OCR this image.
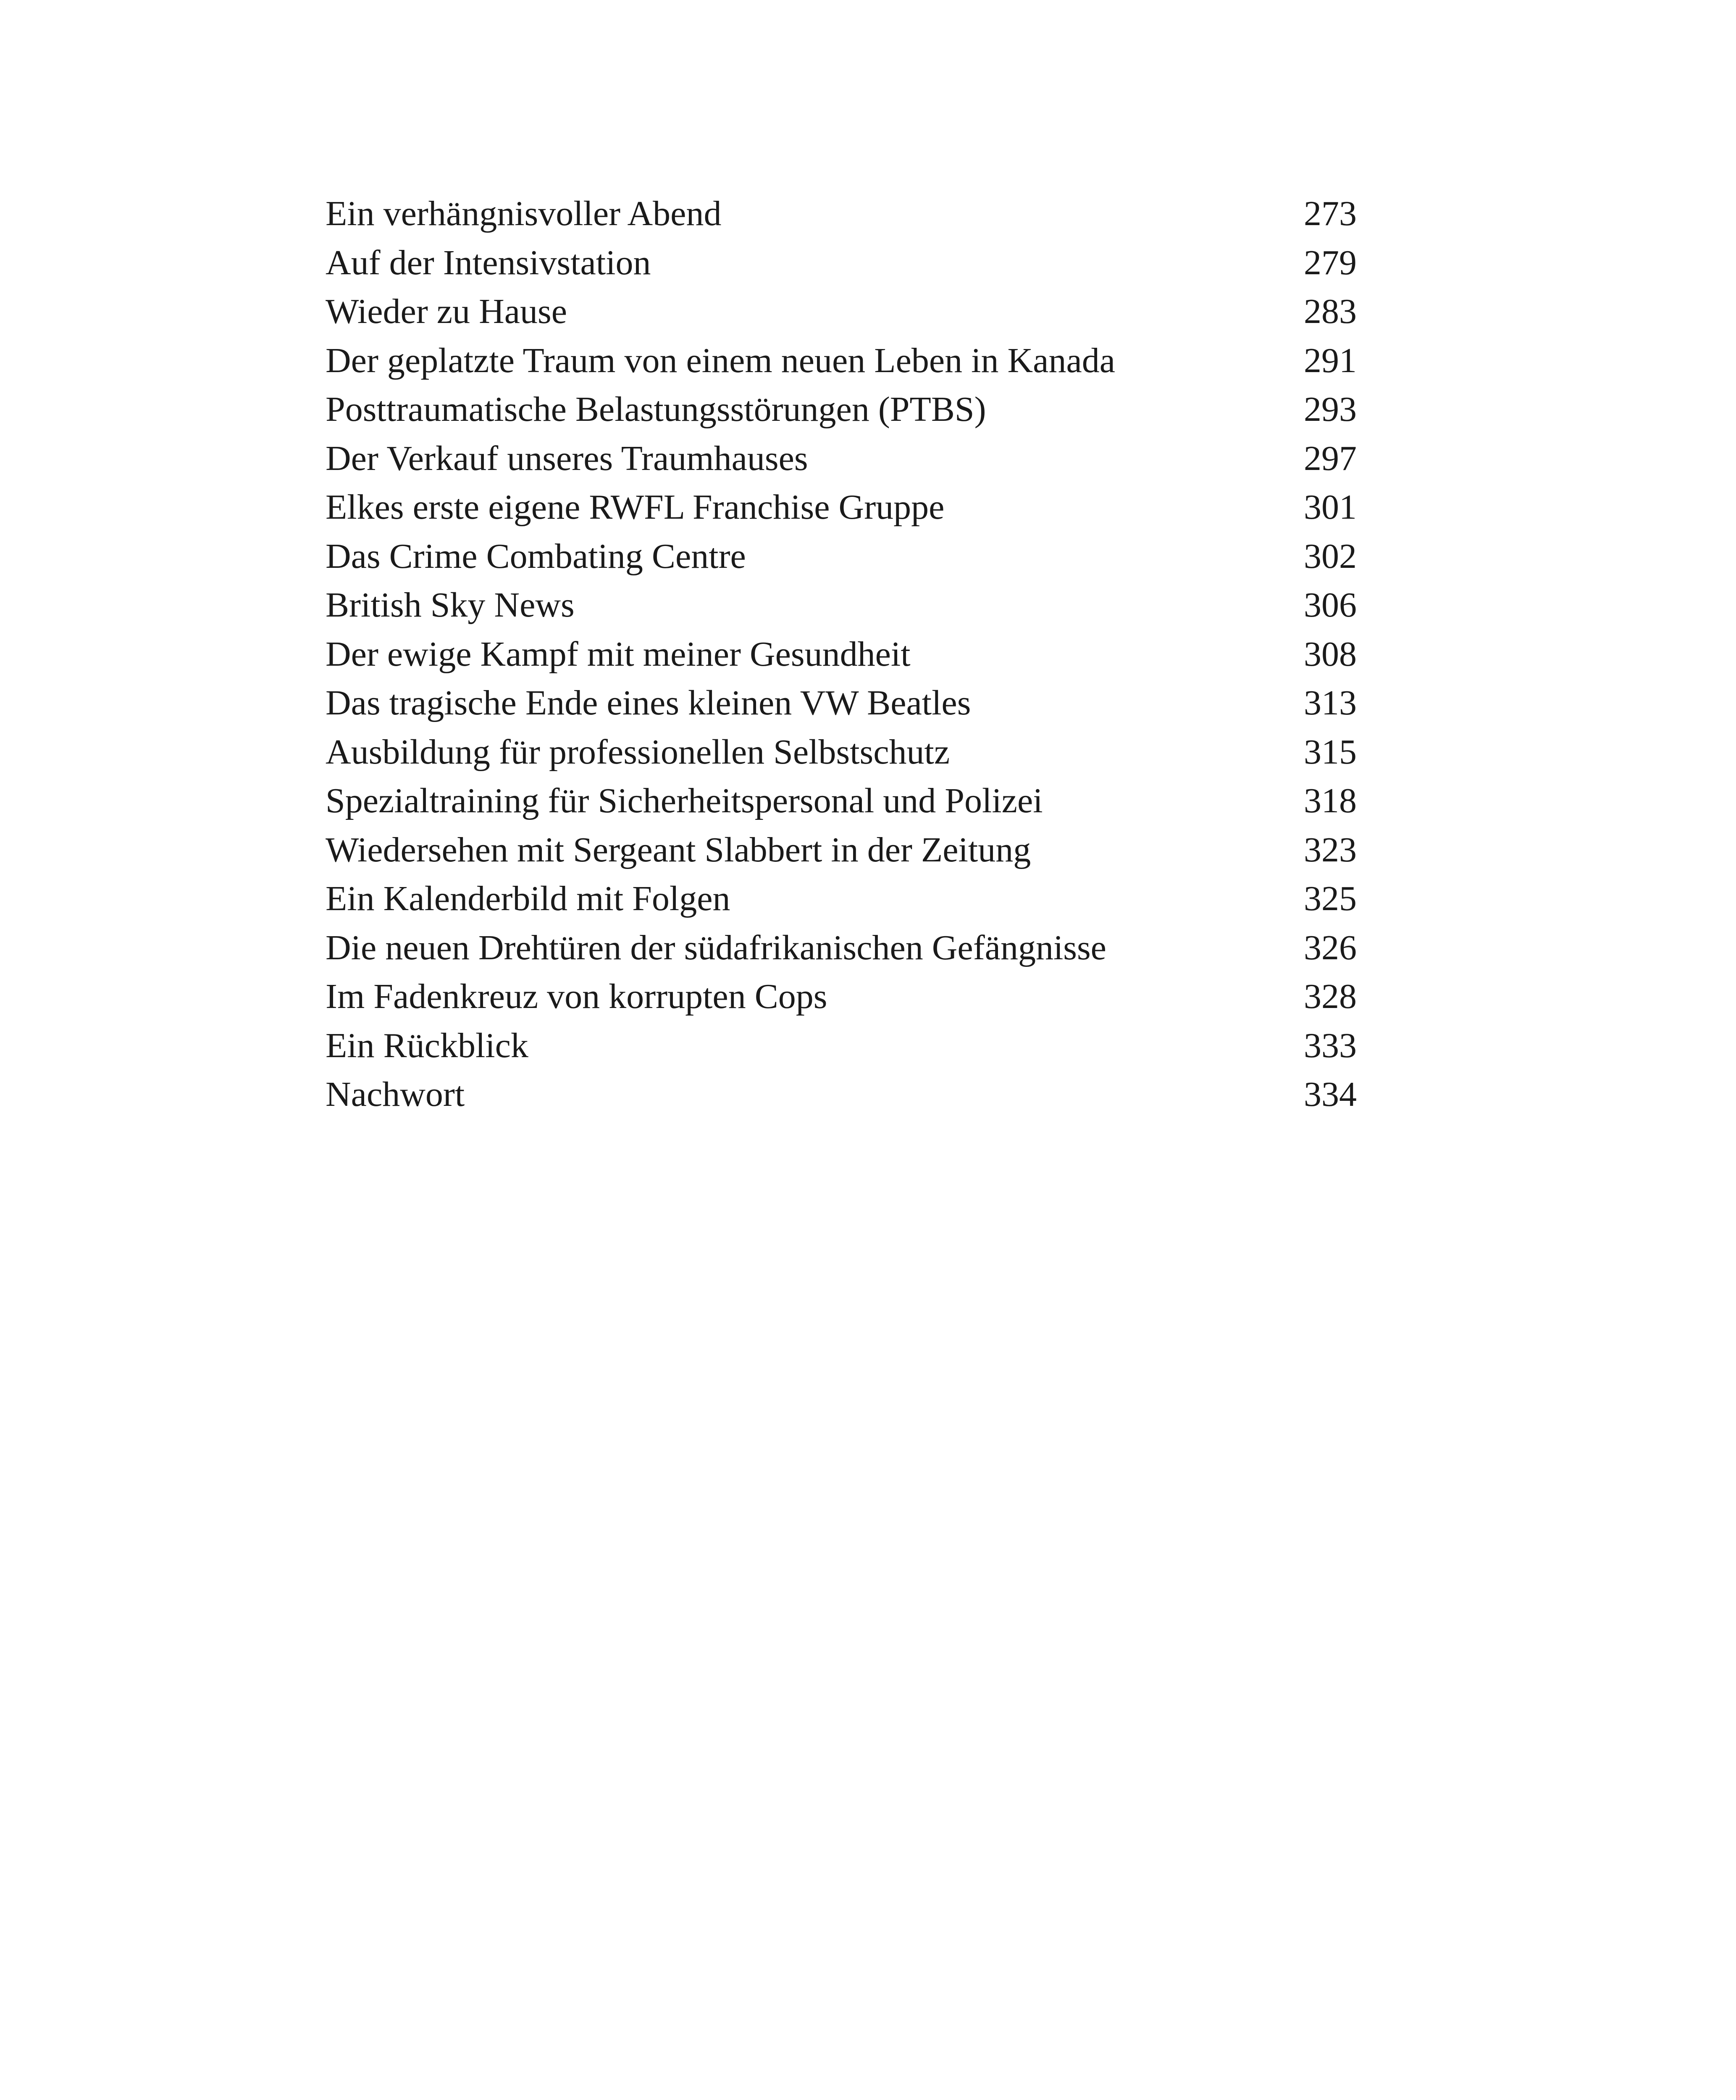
Ein verhängnisvoller Abend	273
Auf der Intensivstation	279
Wieder zu Hause	283
Der geplatzte Traum von einem neuen Leben in Kanada	291
Posttraumatische Belastungsstörungen (PTBS)	293
Der Verkauf unseres Traumhauses	297
Elkes erste eigene RWFL Franchise Gruppe	301
Das Crime Combating Centre	302
British Sky News	306
Der ewige Kampf mit meiner Gesundheit	308
Das tragische Ende eines kleinen VW Beatles	313
Ausbildung für professionellen Selbstschutz	315
Spezialtraining für Sicherheitspersonal und Polizei	318
Wiedersehen mit Sergeant Slabbert in der Zeitung	323
Ein Kalenderbild mit Folgen	325
Die neuen Drehtüren der südafrikanischen Gefängnisse	326
Im Fadenkreuz von korrupten Cops	328
Ein Rückblick	333
Nachwort	334
